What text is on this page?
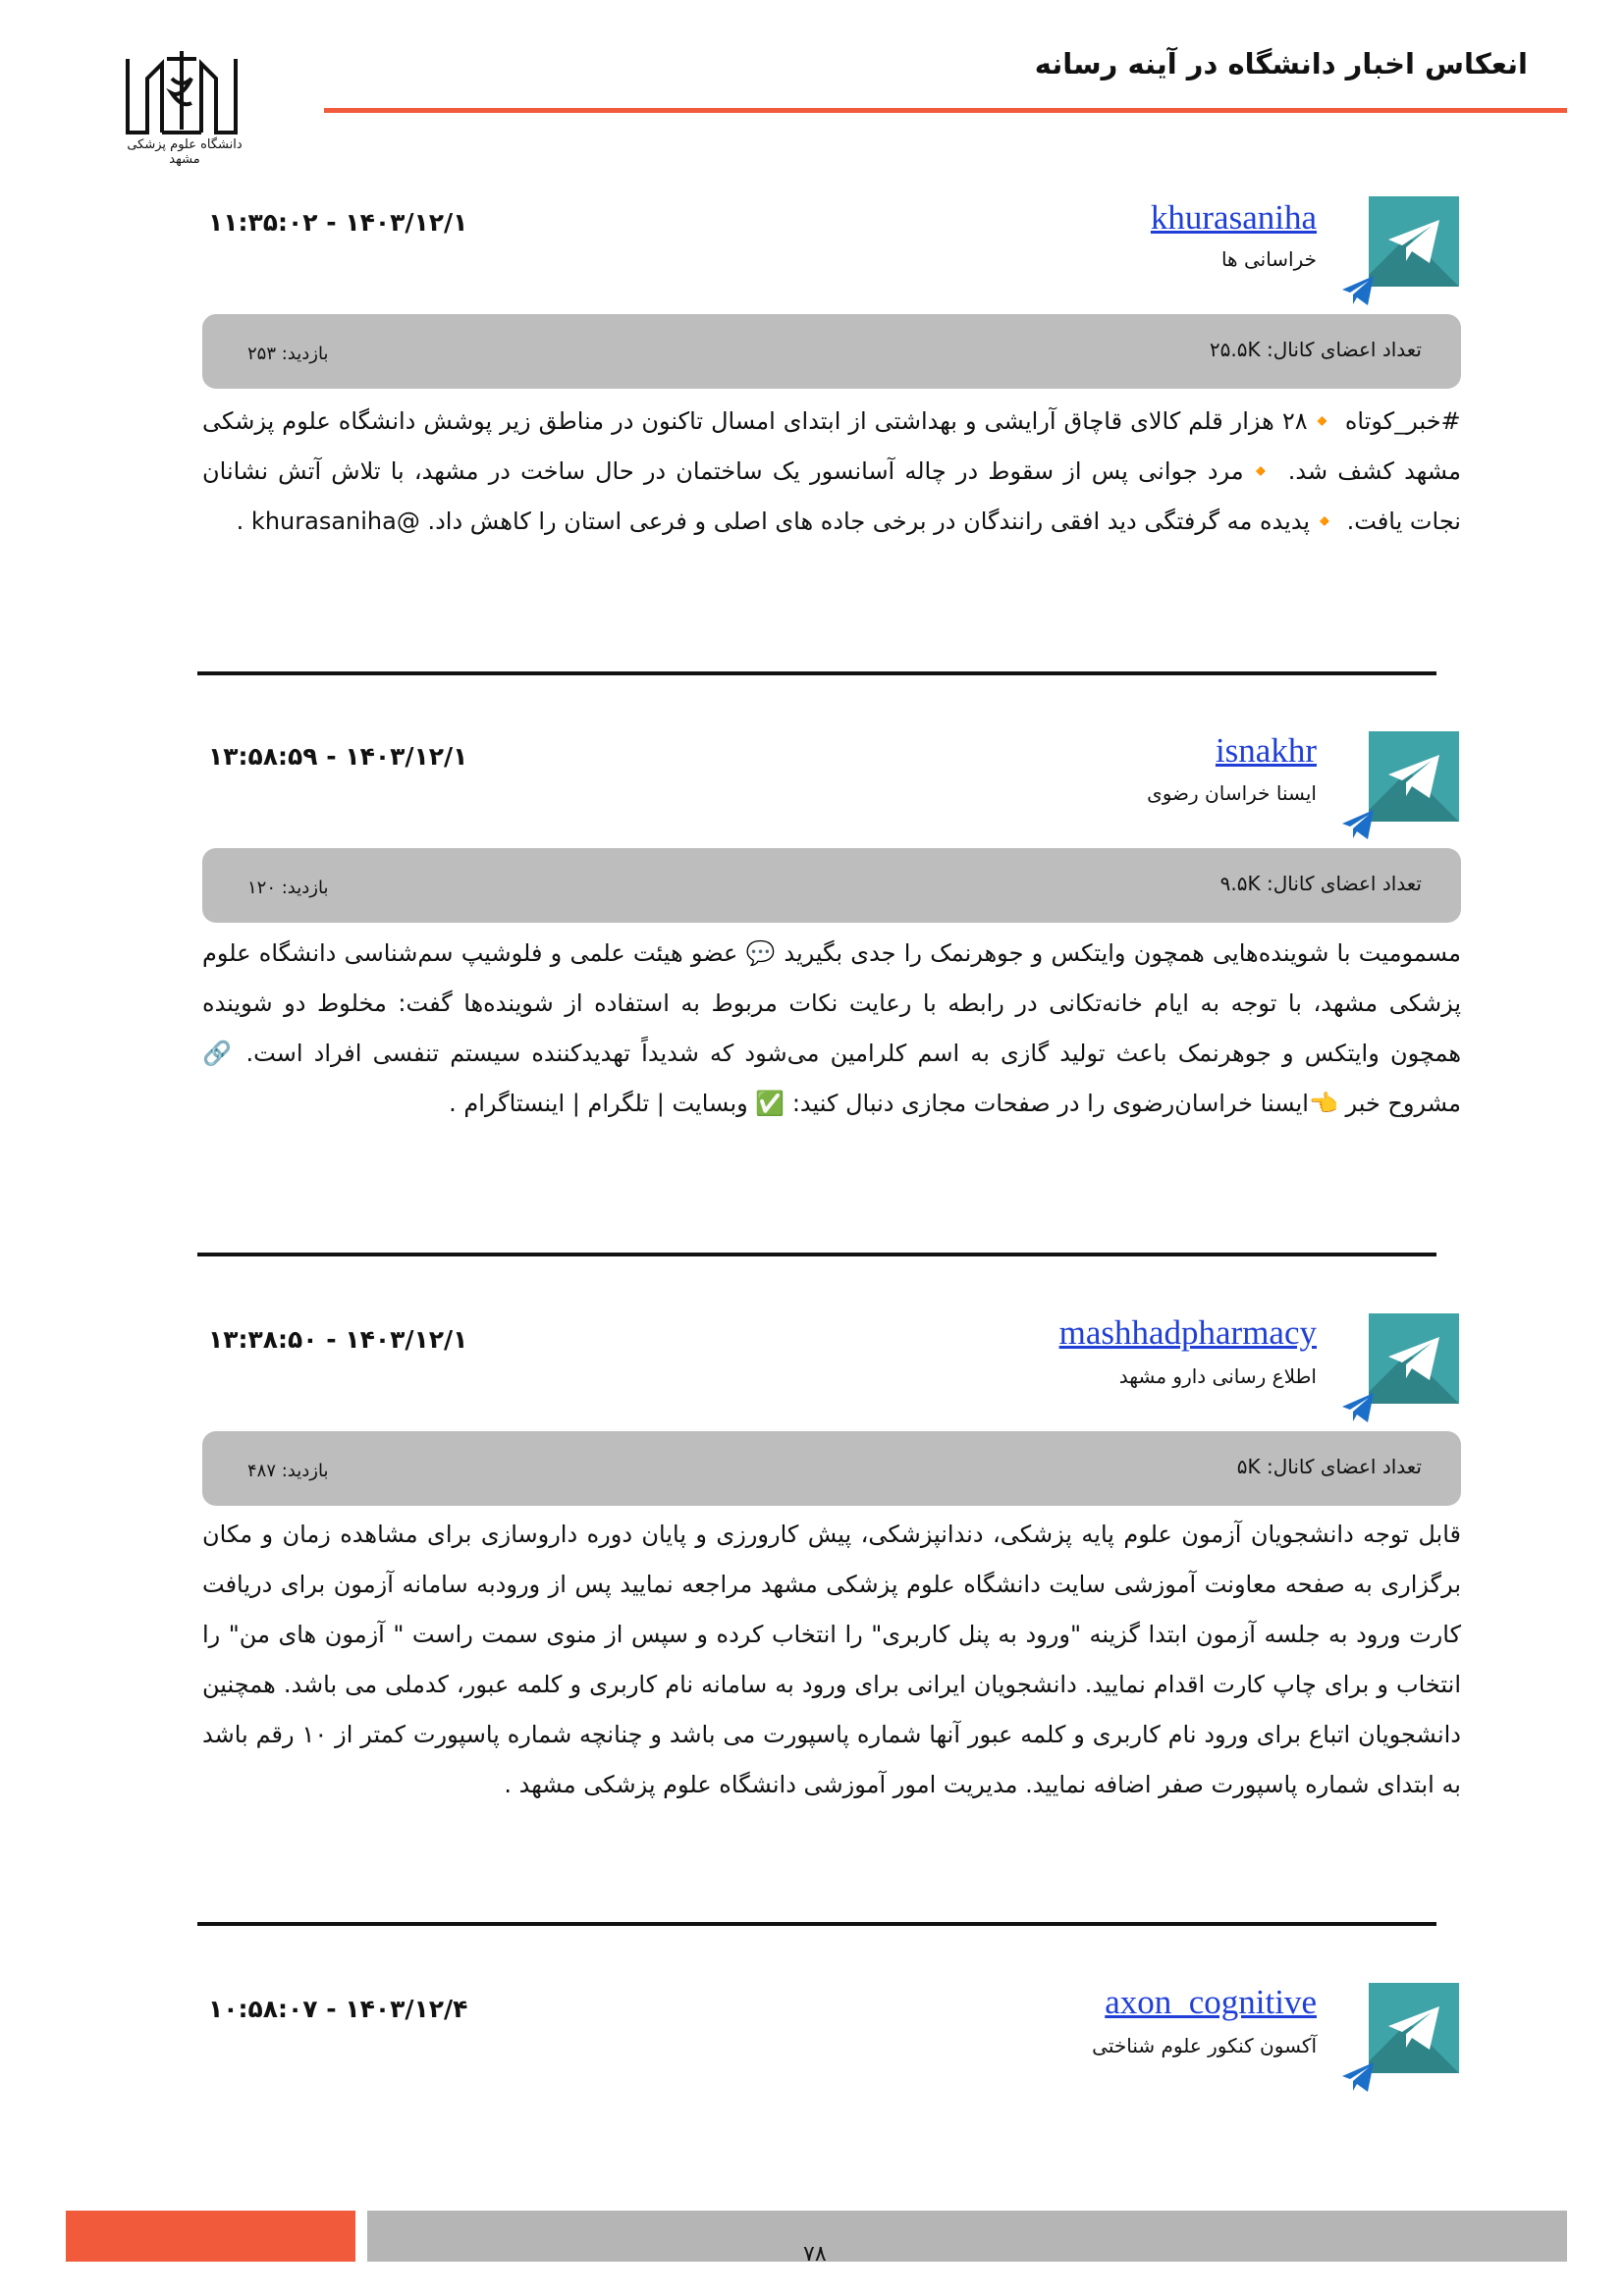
انعکاس اخبار دانشگاه در آینه رسانه
دانشگاه علوم پزشکی مشهد
khurasaniha
خراسانی ها
۱۱:۳۵:۰۲ - ۱۴۰۳/۱۲/۱
تعداد اعضای کانال: ۲۵.۵K
بازدید: ۲۵۳
#خبر_کوتاه 🔸۲۸ هزار قلم کالای قاچاق آرایشی و بهداشتی از ابتدای امسال تاکنون در مناطق زیر پوشش دانشگاه علوم پزشکی مشهد کشف شد. 🔸مرد جوانی پس از سقوط در چاله آسانسور یک ساختمان در حال ساخت در مشهد، با تلاش آتش نشانان نجات یافت. 🔸پدیده مه گرفتگی دید افقی رانندگان در برخی جاده های اصلی و فرعی استان را کاهش داد. @khurasaniha .
isnakhr
ایسنا خراسان رضوی
۱۳:۵۸:۵۹ - ۱۴۰۳/۱۲/۱
تعداد اعضای کانال: ۹.۵K
بازدید: ۱۲۰
مسمومیت با شوینده‌هایی همچون وایتکس و جوهرنمک را جدی بگیرید 💬 عضو هیئت علمی و فلوشیپ سم‌شناسی دانشگاه علوم پزشکی مشهد، با توجه به ایام خانه‌تکانی در رابطه با رعایت نکات مربوط به استفاده از شوینده‌ها گفت: مخلوط دو شوینده همچون وایتکس و جوهرنمک باعث تولید گازی به اسم کلرامین می‌شود که شدیداً تهدیدکننده سیستم تنفسی افراد است. 🔗 مشروح خبر 👈ایسنا خراسان‌رضوی را در صفحات مجازی دنبال کنید: ✅ وبسایت | تلگرام | اینستاگرام .
mashhadpharmacy
اطلاع رسانی دارو مشهد
۱۳:۳۸:۵۰ - ۱۴۰۳/۱۲/۱
تعداد اعضای کانال: ۵K
بازدید: ۴۸۷
قابل توجه دانشجویان آزمون علوم پایه پزشکی، دندانپزشکی، پیش کارورزی و پایان دوره داروسازی برای مشاهده زمان و مکان برگزاری به صفحه معاونت آموزشی سایت دانشگاه علوم پزشکی مشهد مراجعه نمایید پس از ورودبه سامانه آزمون برای دریافت کارت ورود به جلسه آزمون ابتدا گزینه "ورود به پنل کاربری" را انتخاب کرده و سپس از منوی سمت راست " آزمون های من" را انتخاب و برای چاپ کارت اقدام نمایید. دانشجویان ایرانی برای ورود به سامانه نام کاربری و کلمه عبور، کدملی می باشد. همچنین دانشجویان اتباع برای ورود نام کاربری و کلمه عبور آنها شماره پاسپورت می باشد و چنانچه شماره پاسپورت کمتر از ۱۰ رقم باشد به ابتدای شماره پاسپورت صفر اضافه نمایید. مدیریت امور آموزشی دانشگاه علوم پزشکی مشهد .
axon_cognitive
آکسون کنکور علوم شناختی
۱۰:۵۸:۰۷ - ۱۴۰۳/۱۲/۴
۷۸
